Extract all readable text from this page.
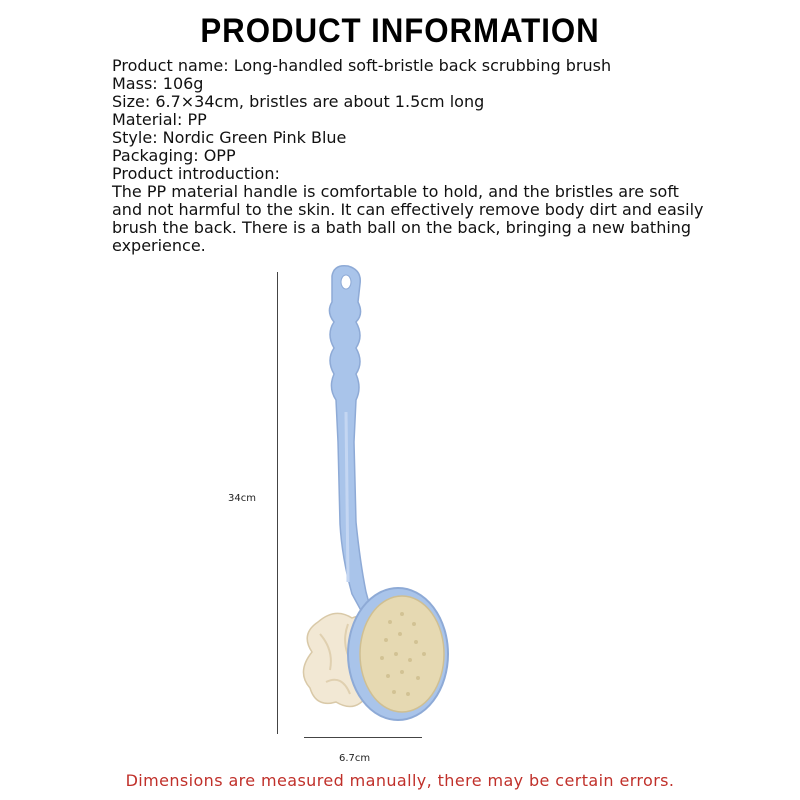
PRODUCT INFORMATION
Product name: Long-handled soft-bristle back scrubbing brush
Mass: 106g
Size: 6.7×34cm, bristles are about 1.5cm long
Material: PP
Style: Nordic Green Pink Blue
Packaging: OPP
Product introduction:
The PP material handle is comfortable to hold, and the bristles are soft and not harmful to the skin. It can effectively remove body dirt and easily brush the back. There is a bath ball on the back, bringing a new bathing experience.
34cm
6.7cm
Dimensions are measured manually, there may be certain errors.
